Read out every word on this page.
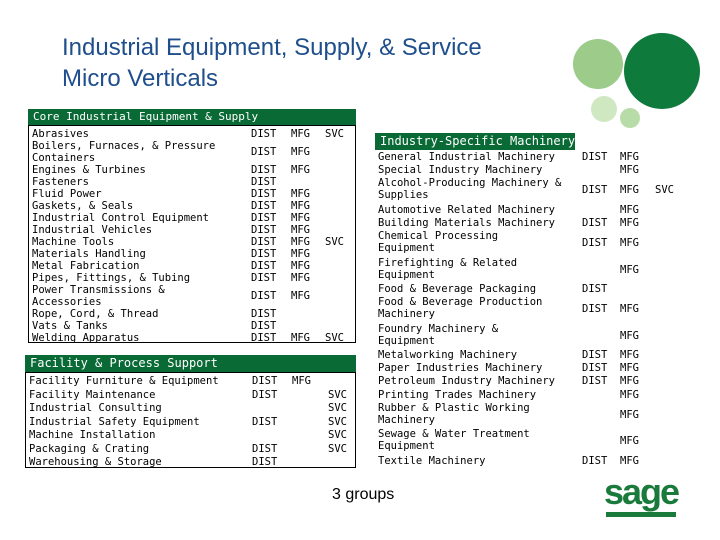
Industrial Equipment, Supply, & Service
Micro Verticals
Core Industrial Equipment & Supply
Abrasives	DIST MFG SVC
Boilers, Furnaces, & Pressure
Containers	DIST MFG
Engines & Turbines	DIST MFG
Fasteners	DIST
Fluid Power	DIST MFG
Gaskets, & Seals	DIST MFG
Industrial Control Equipment	DIST MFG
Industrial Vehicles	DIST MFG
Machine Tools	DIST MFG SVC
Materials Handling	DIST MFG
Metal Fabrication	DIST MFG
Pipes, Fittings, & Tubing	DIST MFG
Power Transmissions &
Accessories	DIST MFG
Rope, Cord, & Thread	DIST
Vats & Tanks	DIST
Welding Apparatus	DIST MFG SVC
Facility & Process Support
Facility Furniture & Equipment	DIST MFG
Facility Maintenance	DIST	SVC
Industrial Consulting	SVC
Industrial Safety Equipment	DIST	SVC
Machine Installation	SVC
Packaging & Crating	DIST	SVC
Warehousing & Storage	DIST
Industry-Specific Machinery
General Industrial Machinery	DIST MFG
Special Industry Machinery	MFG
Alcohol-Producing Machinery &
Supplies	DIST MFG SVC
Automotive Related Machinery	MFG
Building Materials Machinery	DIST MFG
Chemical Processing
Equipment	DIST MFG
Firefighting & Related
Equipment	MFG
Food & Beverage Packaging	DIST
Food & Beverage Production
Machinery	DIST MFG
Foundry Machinery &
Equipment	MFG
Metalworking Machinery	DIST MFG
Paper Industries Machinery	DIST MFG
Petroleum Industry Machinery	DIST MFG
Printing Trades Machinery	MFG
Rubber & Plastic Working
Machinery	MFG
Sewage & Water Treatment
Equipment	MFG
Textile Machinery	DIST MFG
3 groups	sage
